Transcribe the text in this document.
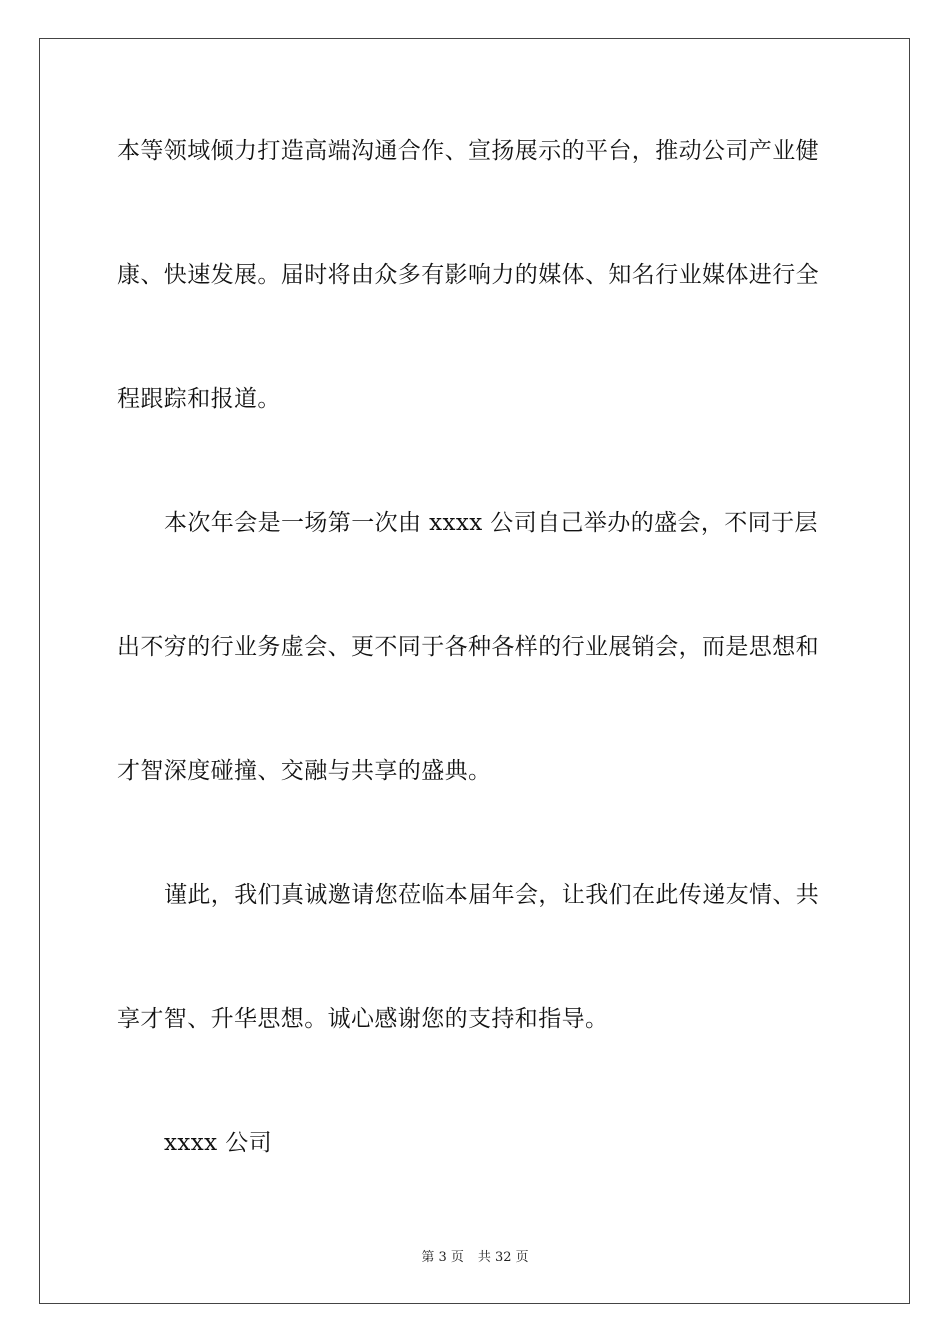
本等领域倾力打造高端沟通合作、宣扬展示的平台，推动公司产业健
康、快速发展。届时将由众多有影响力的媒体、知名行业媒体进行全
程跟踪和报道。
本次年会是一场第一次由 xxxx 公司自己举办的盛会，不同于层
出不穷的行业务虚会、更不同于各种各样的行业展销会，而是思想和
才智深度碰撞、交融与共享的盛典。
谨此，我们真诚邀请您莅临本届年会，让我们在此传递友情、共
享才智、升华思想。诚心感谢您的支持和指导。
xxxx 公司
第 3 页 共 32 页
